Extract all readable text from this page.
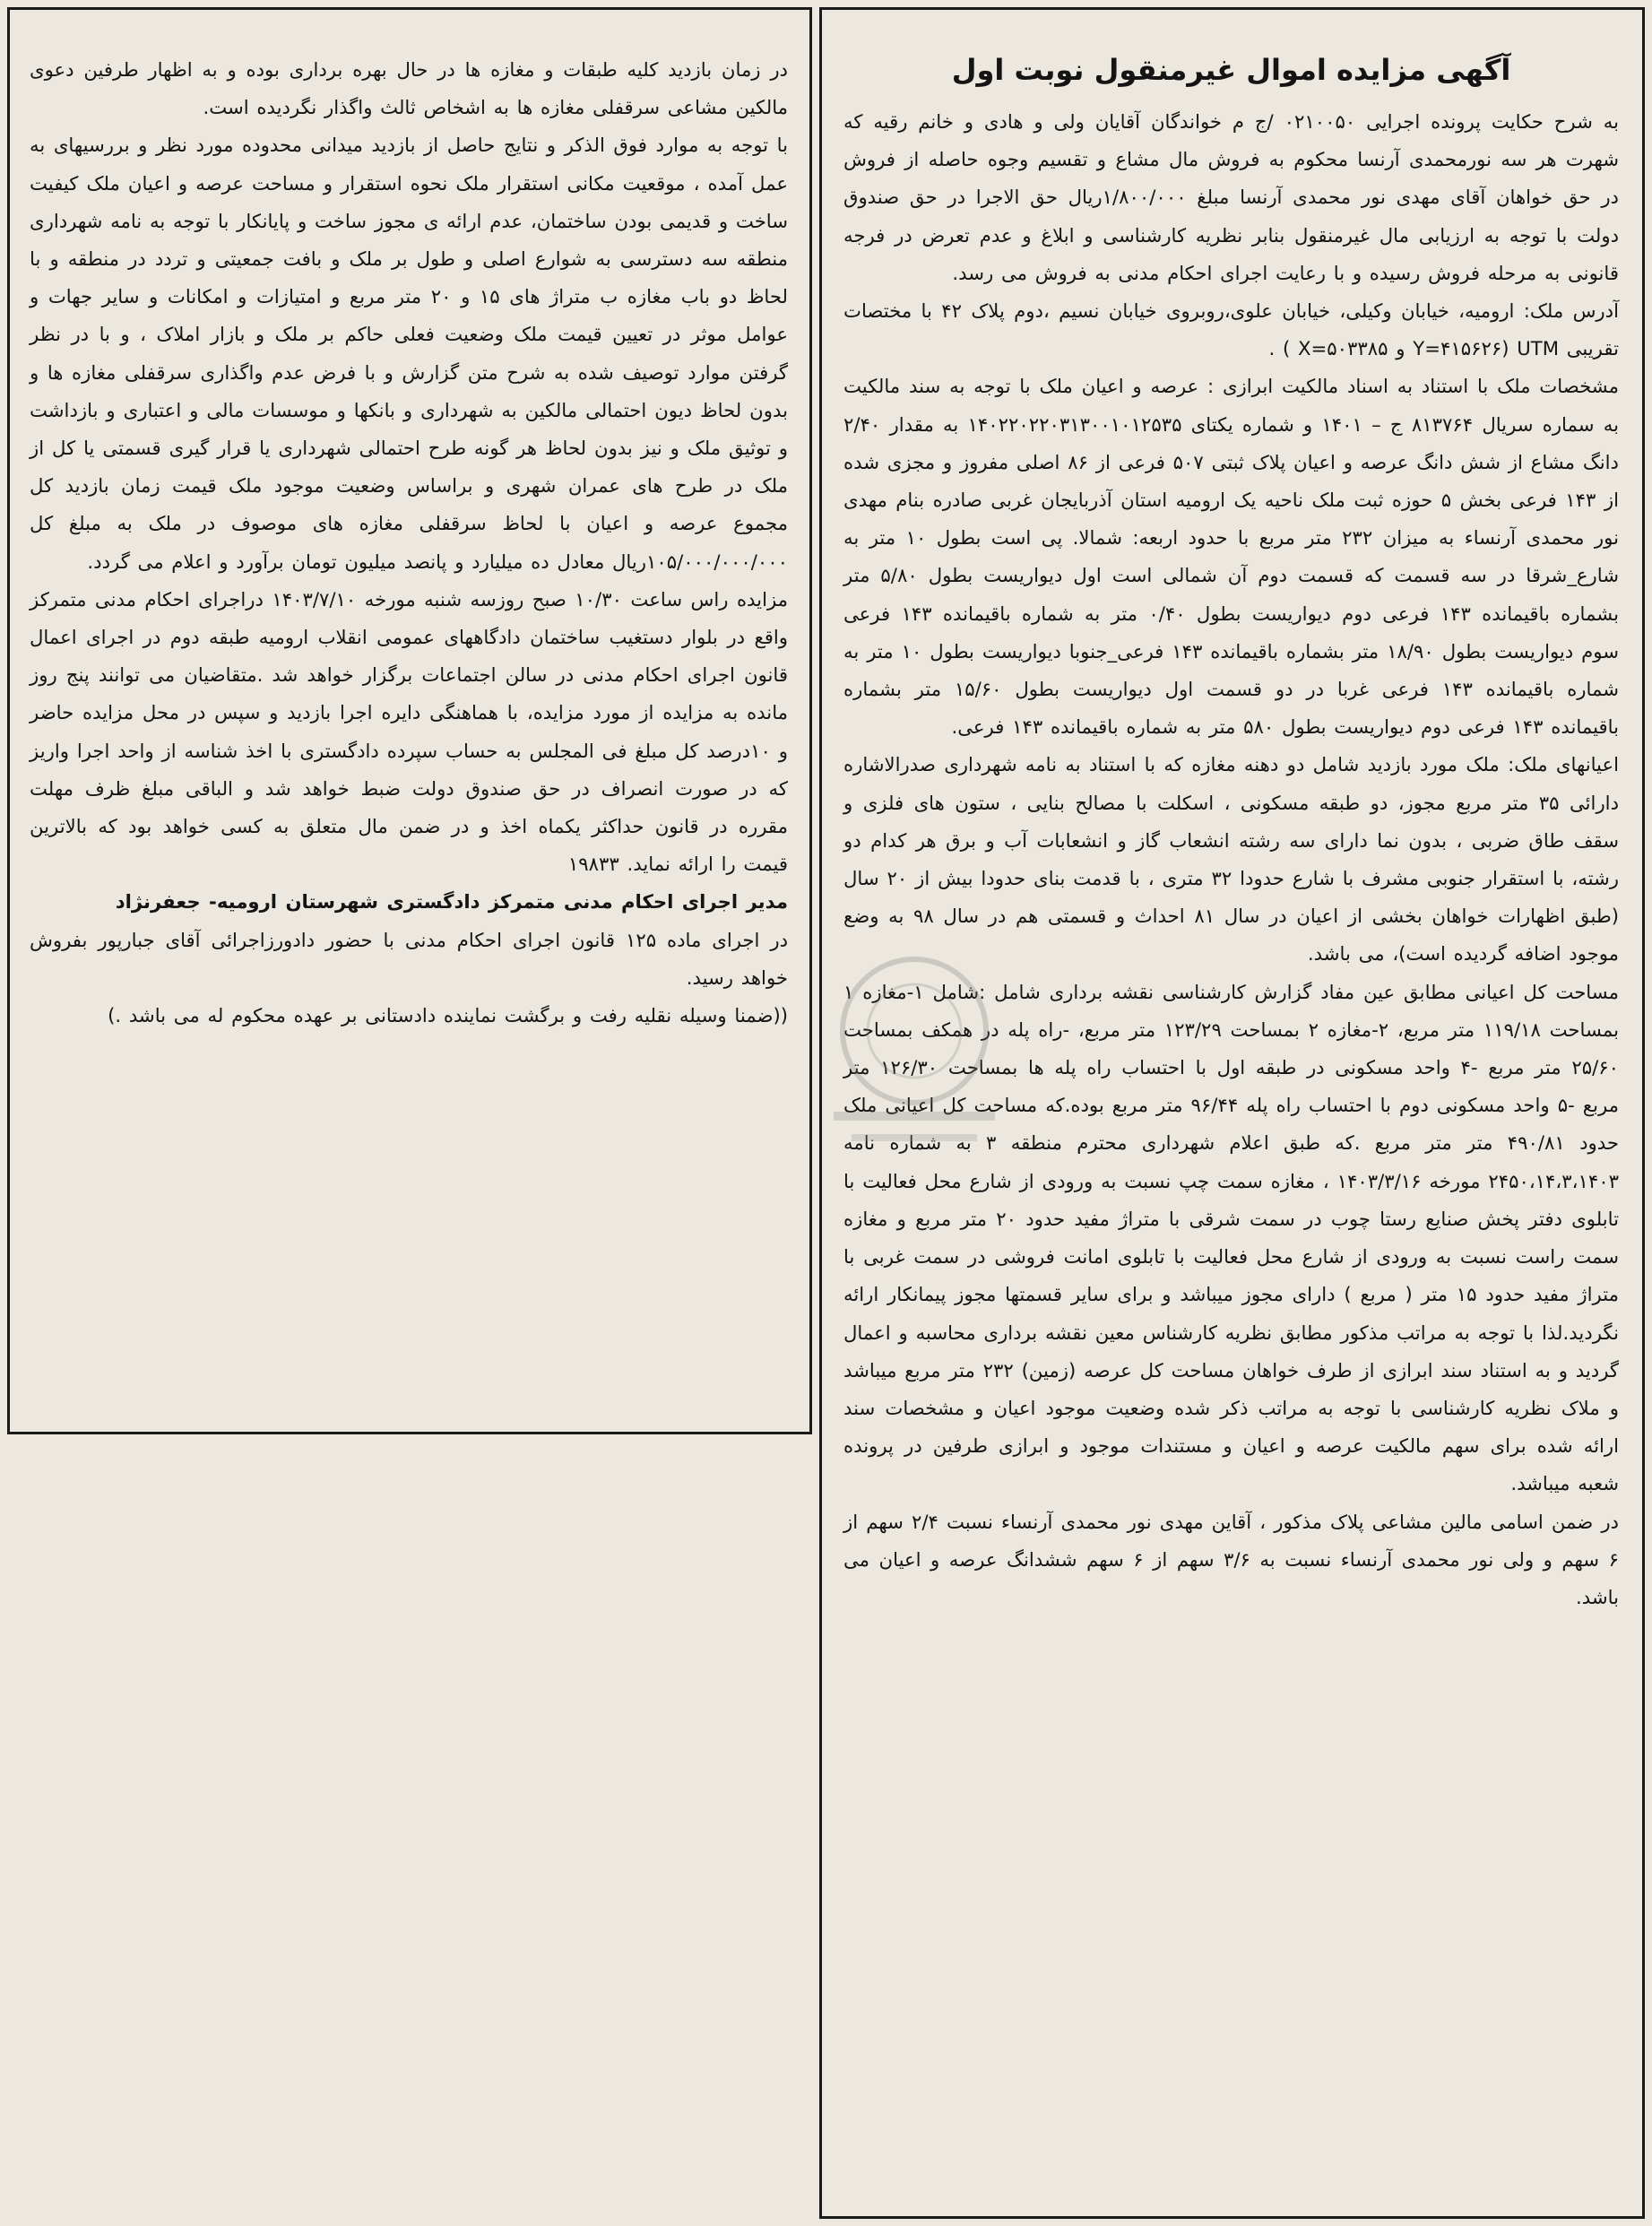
آگهی مزایده اموال غیرمنقول نوبت اول

به شرح حکایت پرونده اجرایی ۰۲۱۰۰۵۰ /ج م خواندگان آقایان ولی و هادی و خانم رقیه که شهرت هر سه نورمحمدی آرنسا محکوم به فروش مال مشاع و تقسیم وجوه حاصله از فروش در حق خواهان آقای مهدی نور محمدی آرنسا مبلغ ۱/۸۰۰/۰۰۰ریال حق الاجرا در حق صندوق دولت با توجه به ارزیابی مال غیرمنقول بنابر نظریه کارشناسی و ابلاغ و عدم تعرض در فرجه قانونی به مرحله فروش رسیده و با رعایت اجرای احکام مدنی به فروش می رسد.

آدرس ملک: ارومیه، خیابان وکیلی، خیابان علوی،روبروی خیابان نسیم ،دوم پلاک ۴۲ با مختصات تقریبی UTM (Y=۴۱۵۶۲۶ و X=۵۰۳۳۸۵ ) .

مشخصات ملک با استناد به اسناد مالکیت ابرازی : عرصه و اعیان ملک با توجه به سند مالکیت به سماره سریال ۸۱۳۷۶۴ ج – ۱۴۰۱ و شماره یکتای ۱۴۰۲۲۰۲۲۰۳۱۳۰۰۱۰۱۲۵۳۵ به مقدار ۲/۴۰ دانگ مشاع از شش دانگ عرصه و اعیان پلاک ثبتی ۵۰۷ فرعی از ۸۶ اصلی مفروز و مجزی شده از ۱۴۳ فرعی بخش ۵ حوزه ثبت ملک ناحیه یک ارومیه استان آذربایجان غربی صادره بنام مهدی نور محمدی آرنساء به میزان ۲۳۲ متر مربع با حدود اربعه: شمالا. پی است بطول ۱۰ متر به شارع_شرقا در سه قسمت که قسمت دوم آن شمالی است اول دیواریست بطول ۵/۸۰ متر بشماره باقیمانده ۱۴۳ فرعی دوم دیواریست بطول ۰/۴۰ متر به شماره باقیمانده ۱۴۳ فرعی سوم دیواریست بطول ۱۸/۹۰ متر بشماره باقیمانده ۱۴۳ فرعی_جنوبا دیواریست بطول ۱۰ متر به شماره باقیمانده ۱۴۳ فرعی غربا در دو قسمت اول دیواریست بطول ۱۵/۶۰ متر بشماره باقیمانده ۱۴۳ فرعی دوم دیواریست بطول ۵۸۰ متر به شماره باقیمانده ۱۴۳ فرعی.

اعیانهای ملک: ملک مورد بازدید شامل دو دهنه مغازه که با استناد به نامه شهرداری صدرالاشاره دارائی ۳۵ متر مربع مجوز، دو طبقه مسکونی ، اسکلت با مصالح بنایی ، ستون های فلزی و سقف طاق ضربی ، بدون نما دارای سه رشته انشعاب گاز و انشعابات آب و برق هر کدام دو رشته، با استقرار جنوبی مشرف با شارع حدودا ۳۲ متری ، با قدمت بنای حدودا بیش از ۲۰ سال (طبق اظهارات خواهان بخشی از اعیان در سال ۸۱ احداث و قسمتی هم در سال ۹۸ به وضع موجود اضافه گردیده است)، می باشد.

مساحت کل اعیانی مطابق عین مفاد گزارش کارشناسی نقشه برداری شامل :شامل ۱-مغازه ۱ بمساحت ۱۱۹/۱۸ متر مربع، ۲-مغازه ۲ بمساحت ۱۲۳/۲۹ متر مربع، -راه پله در همکف بمساحت ۲۵/۶۰ متر مربع -۴ واحد مسکونی در طبقه اول با احتساب راه پله ها بمساحت ۱۲۶/۳۰ متر مربع -۵ واحد مسکونی دوم با احتساب راه پله ۹۶/۴۴ متر مربع بوده.که مساحت کل اعیانی ملک حدود ۴۹۰/۸۱ متر متر مربع .که طبق اعلام شهرداری محترم منطقه ۳ به شماره نامه ۲۴۵۰،۱۴،۳،۱۴۰۳ مورخه ۱۴۰۳/۳/۱۶ ، مغازه سمت چپ نسبت به ورودی از شارع محل فعالیت با تابلوی دفتر پخش صنایع رستا چوب در سمت شرقی با متراژ مفید حدود ۲۰ متر مربع و مغازه سمت راست نسبت به ورودی از شارع محل فعالیت با تابلوی امانت فروشی در سمت غربی با متراژ مفید حدود ۱۵ متر ( مربع ) دارای مجوز میباشد و برای سایر قسمتها مجوز پیمانکار ارائه نگردید.لذا با توجه به مراتب مذکور مطابق نظریه کارشناس معین نقشه برداری محاسبه و اعمال گردید و به استناد سند ابرازی از طرف خواهان مساحت کل عرصه (زمین) ۲۳۲ متر مربع میباشد و ملاک نظریه کارشناسی با توجه به مراتب ذکر شده وضعیت موجود اعیان و مشخصات سند ارائه شده برای سهم مالکیت عرصه و اعیان و مستندات موجود و ابرازی طرفین در پرونده شعبه میباشد.

در ضمن اسامی مالین مشاعی پلاک مذکور ، آقاین مهدی نور محمدی آرنساء نسبت ۲/۴ سهم از ۶ سهم و ولی نور محمدی آرنساء نسبت به ۳/۶ سهم از ۶ سهم ششدانگ عرصه و اعیان می باشد.

در زمان بازدید کلیه طبقات و مغازه ها در حال بهره برداری بوده و به اظهار طرفین دعوی مالکین مشاعی سرقفلی مغازه ها به اشخاص ثالث واگذار نگردیده است.

با توجه به موارد فوق الذکر و نتایج حاصل از بازدید میدانی محدوده مورد نظر و بررسیهای به عمل آمده ، موقعیت مکانی استقرار ملک نحوه استقرار و مساحت عرصه و اعیان ملک کیفیت ساخت و قدیمی بودن ساختمان، عدم ارائه ی مجوز ساخت و پایانکار با توجه به نامه شهرداری منطقه سه دسترسی به شوارع اصلی و طول بر ملک و بافت جمعیتی و تردد در منطقه و با لحاظ دو باب مغازه ب متراژ های ۱۵ و ۲۰ متر مربع و امتیازات و امکانات و سایر جهات و عوامل موثر در تعیین قیمت ملک وضعیت فعلی حاکم بر ملک و بازار املاک ، و با در نظر گرفتن موارد توصیف شده به شرح متن گزارش و با فرض عدم واگذاری سرقفلی مغازه ها و بدون لحاظ دیون احتمالی مالکین به شهرداری و بانکها و موسسات مالی و اعتباری و بازداشت و توثیق ملک و نیز بدون لحاظ هر گونه طرح احتمالی شهرداری یا قرار گیری قسمتی یا کل از ملک در طرح های عمران شهری و براساس وضعیت موجود ملک قیمت زمان بازدید کل مجموع عرصه و اعیان با لحاظ سرقفلی مغازه های موصوف در ملک به مبلغ کل ۱۰۵/۰۰۰/۰۰۰/۰۰۰ریال معادل ده میلیارد و پانصد میلیون تومان برآورد و اعلام می گردد.

مزایده راس ساعت ۱۰/۳۰ صبح روزسه شنبه مورخه ۱۴۰۳/۷/۱۰ دراجرای احکام مدنی متمرکز واقع در بلوار دستغیب ساختمان دادگاههای عمومی انقلاب ارومیه طبقه دوم در اجرای اعمال قانون اجرای احکام مدنی در سالن اجتماعات برگزار خواهد شد .متقاضیان می توانند پنج روز مانده به مزایده از مورد مزایده، با هماهنگی دایره اجرا بازدید و سپس در محل مزایده حاضر و ۱۰درصد کل مبلغ فی المجلس به حساب سپرده دادگستری با اخذ شناسه از واحد اجرا واریز که در صورت انصراف در حق صندوق دولت ضبط خواهد شد و الباقی مبلغ ظرف مهلت مقرره در قانون حداکثر یکماه اخذ و در ضمن مال متعلق به کسی خواهد بود که بالاترین قیمت را ارائه نماید. ۱۹۸۳۳

مدیر اجرای احکام مدنی متمرکز دادگستری شهرستان ارومیه- جعفرنژاد

در اجرای ماده ۱۲۵ قانون اجرای احکام مدنی با حضور دادورزاجرائی آقای جبارپور بفروش خواهد رسید.

((ضمنا وسیله نقلیه رفت و برگشت نماینده دادستانی بر عهده محکوم له می باشد .)
